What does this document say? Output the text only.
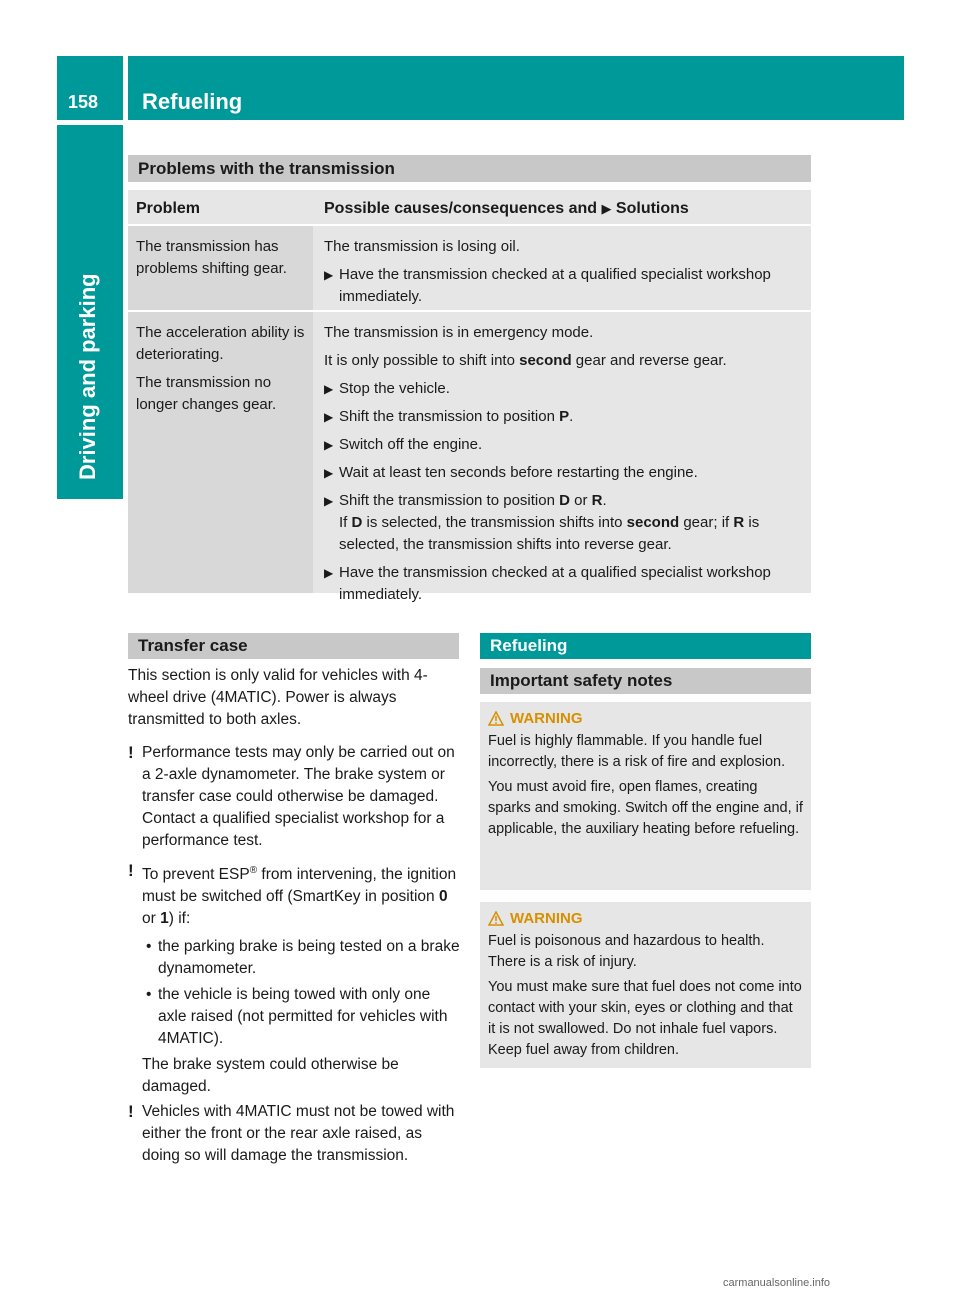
158 Refueling
Driving and parking
Problems with the transmission
Problem	Possible causes/consequences and ▶ Solutions
The transmission has problems shifting gear.

The transmission is losing oil.

▶ Have the transmission checked at a qualified specialist workshop immediately.

The acceleration ability is deteriorating.

The transmission no longer changes gear.

The transmission is in emergency mode.

It is only possible to shift into second gear and reverse gear.

▶ Stop the vehicle.
▶ Shift the transmission to position P.
▶ Switch off the engine.
▶ Wait at least ten seconds before restarting the engine.
▶ Shift the transmission to position D or R.
If D is selected, the transmission shifts into second gear; if R is selected, the transmission shifts into reverse gear.
▶ Have the transmission checked at a qualified specialist workshop immediately.
Transfer case
This section is only valid for vehicles with 4-wheel drive (4MATIC). Power is always transmitted to both axles.
! Performance tests may only be carried out on a 2-axle dynamometer. The brake system or transfer case could otherwise be damaged. Contact a qualified specialist workshop for a performance test.
! To prevent ESP® from intervening, the ignition must be switched off (SmartKey in position 0 or 1) if:
• the parking brake is being tested on a brake dynamometer.
• the vehicle is being towed with only one axle raised (not permitted for vehicles with 4MATIC).
The brake system could otherwise be damaged.
! Vehicles with 4MATIC must not be towed with either the front or the rear axle raised, as doing so will damage the transmission.
Refueling
Important safety notes
WARNING

Fuel is highly flammable. If you handle fuel incorrectly, there is a risk of fire and explosion.

You must avoid fire, open flames, creating sparks and smoking. Switch off the engine and, if applicable, the auxiliary heating before refueling.

WARNING

Fuel is poisonous and hazardous to health. There is a risk of injury.

You must make sure that fuel does not come into contact with your skin, eyes or clothing and that it is not swallowed. Do not inhale fuel vapors. Keep fuel away from children.

carmanualsonline.info
